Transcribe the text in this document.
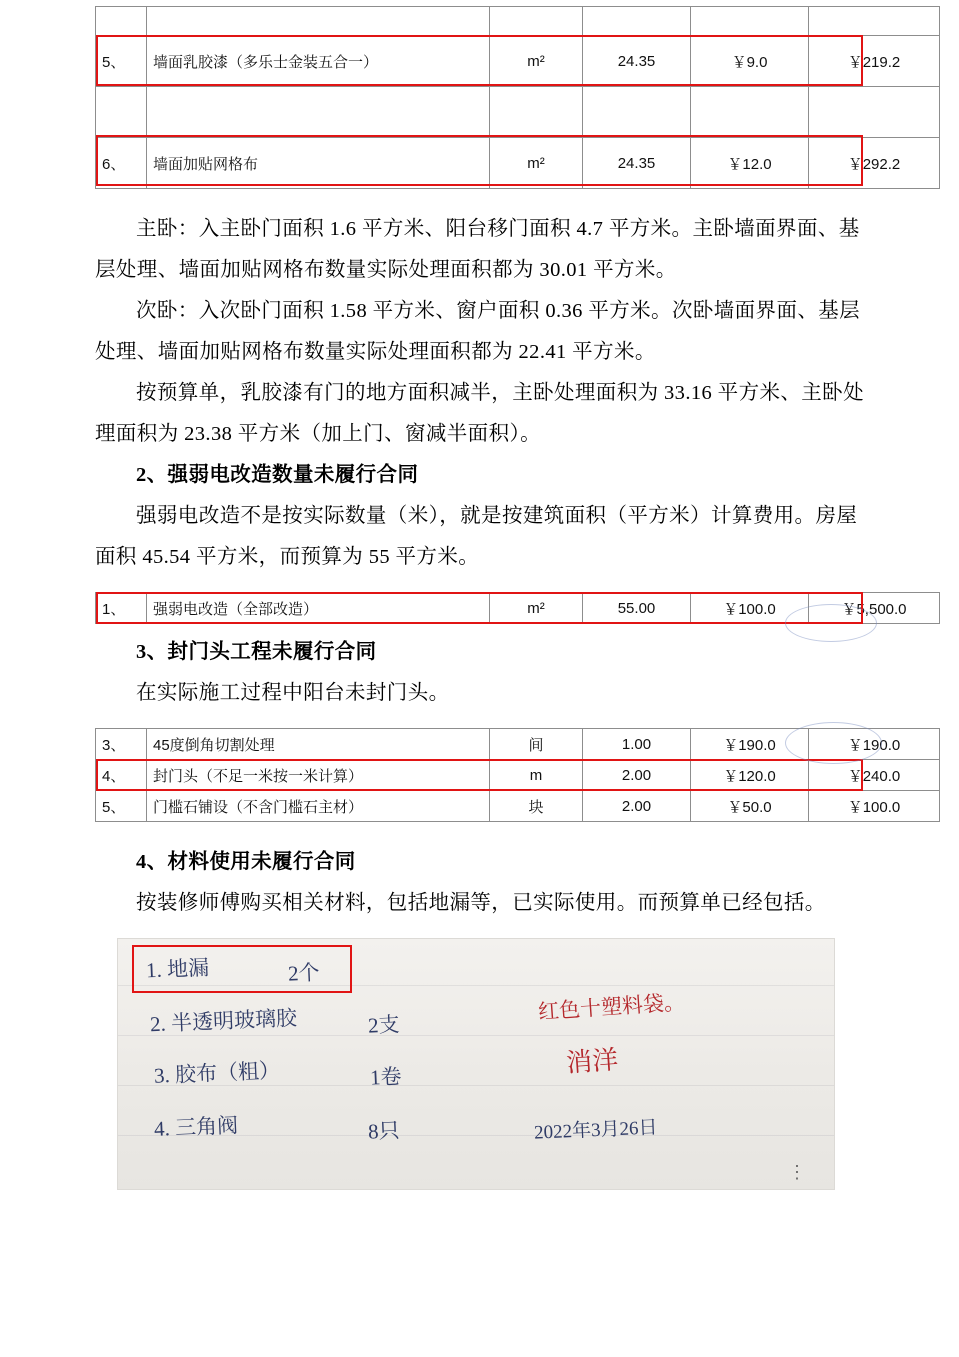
5、	墙面乳胶漆（多乐士金装五合一）	m²	24.35	￥9.0	￥219.2

6、	墙面加贴网格布	m²	24.35	￥12.0	￥292.2

主卧：入主卧门面积 1.6 平方米、阳台移门面积 4.7 平方米。主卧墙面界面、基层处理、墙面加贴网格布数量实际处理面积都为 30.01 平方米。

次卧：入次卧门面积 1.58 平方米、窗户面积 0.36 平方米。次卧墙面界面、基层处理、墙面加贴网格布数量实际处理面积都为 22.41 平方米。

按预算单，乳胶漆有门的地方面积减半，主卧处理面积为 33.16 平方米、主卧处理面积为 23.38 平方米（加上门、窗减半面积）。

2、强弱电改造数量未履行合同

强弱电改造不是按实际数量（米），就是按建筑面积（平方米）计算费用。房屋面积 45.54 平方米，而预算为 55 平方米。

1、	强弱电改造（全部改造）	m²	55.00	￥100.0	￥5,500.0
3、封门头工程未履行合同

在实际施工过程中阳台未封门头。

3、	45度倒角切割处理	间	1.00	￥190.0	￥190.0
4、	封门头（不足一米按一米计算）	m	2.00	￥120.0	￥240.0
5、	门槛石铺设（不含门槛石主材）	块	2.00	￥50.0	￥100.0
4、材料使用未履行合同

按装修师傅购买相关材料，包括地漏等，已实际使用。而预算单已经包括。

1. 地漏	2个
2. 半透明玻璃胶	2支
3. 胶布（粗）	1卷
4. 三角阀	8只
红色十塑料袋。
消洋
2022年3月26日
⋮
